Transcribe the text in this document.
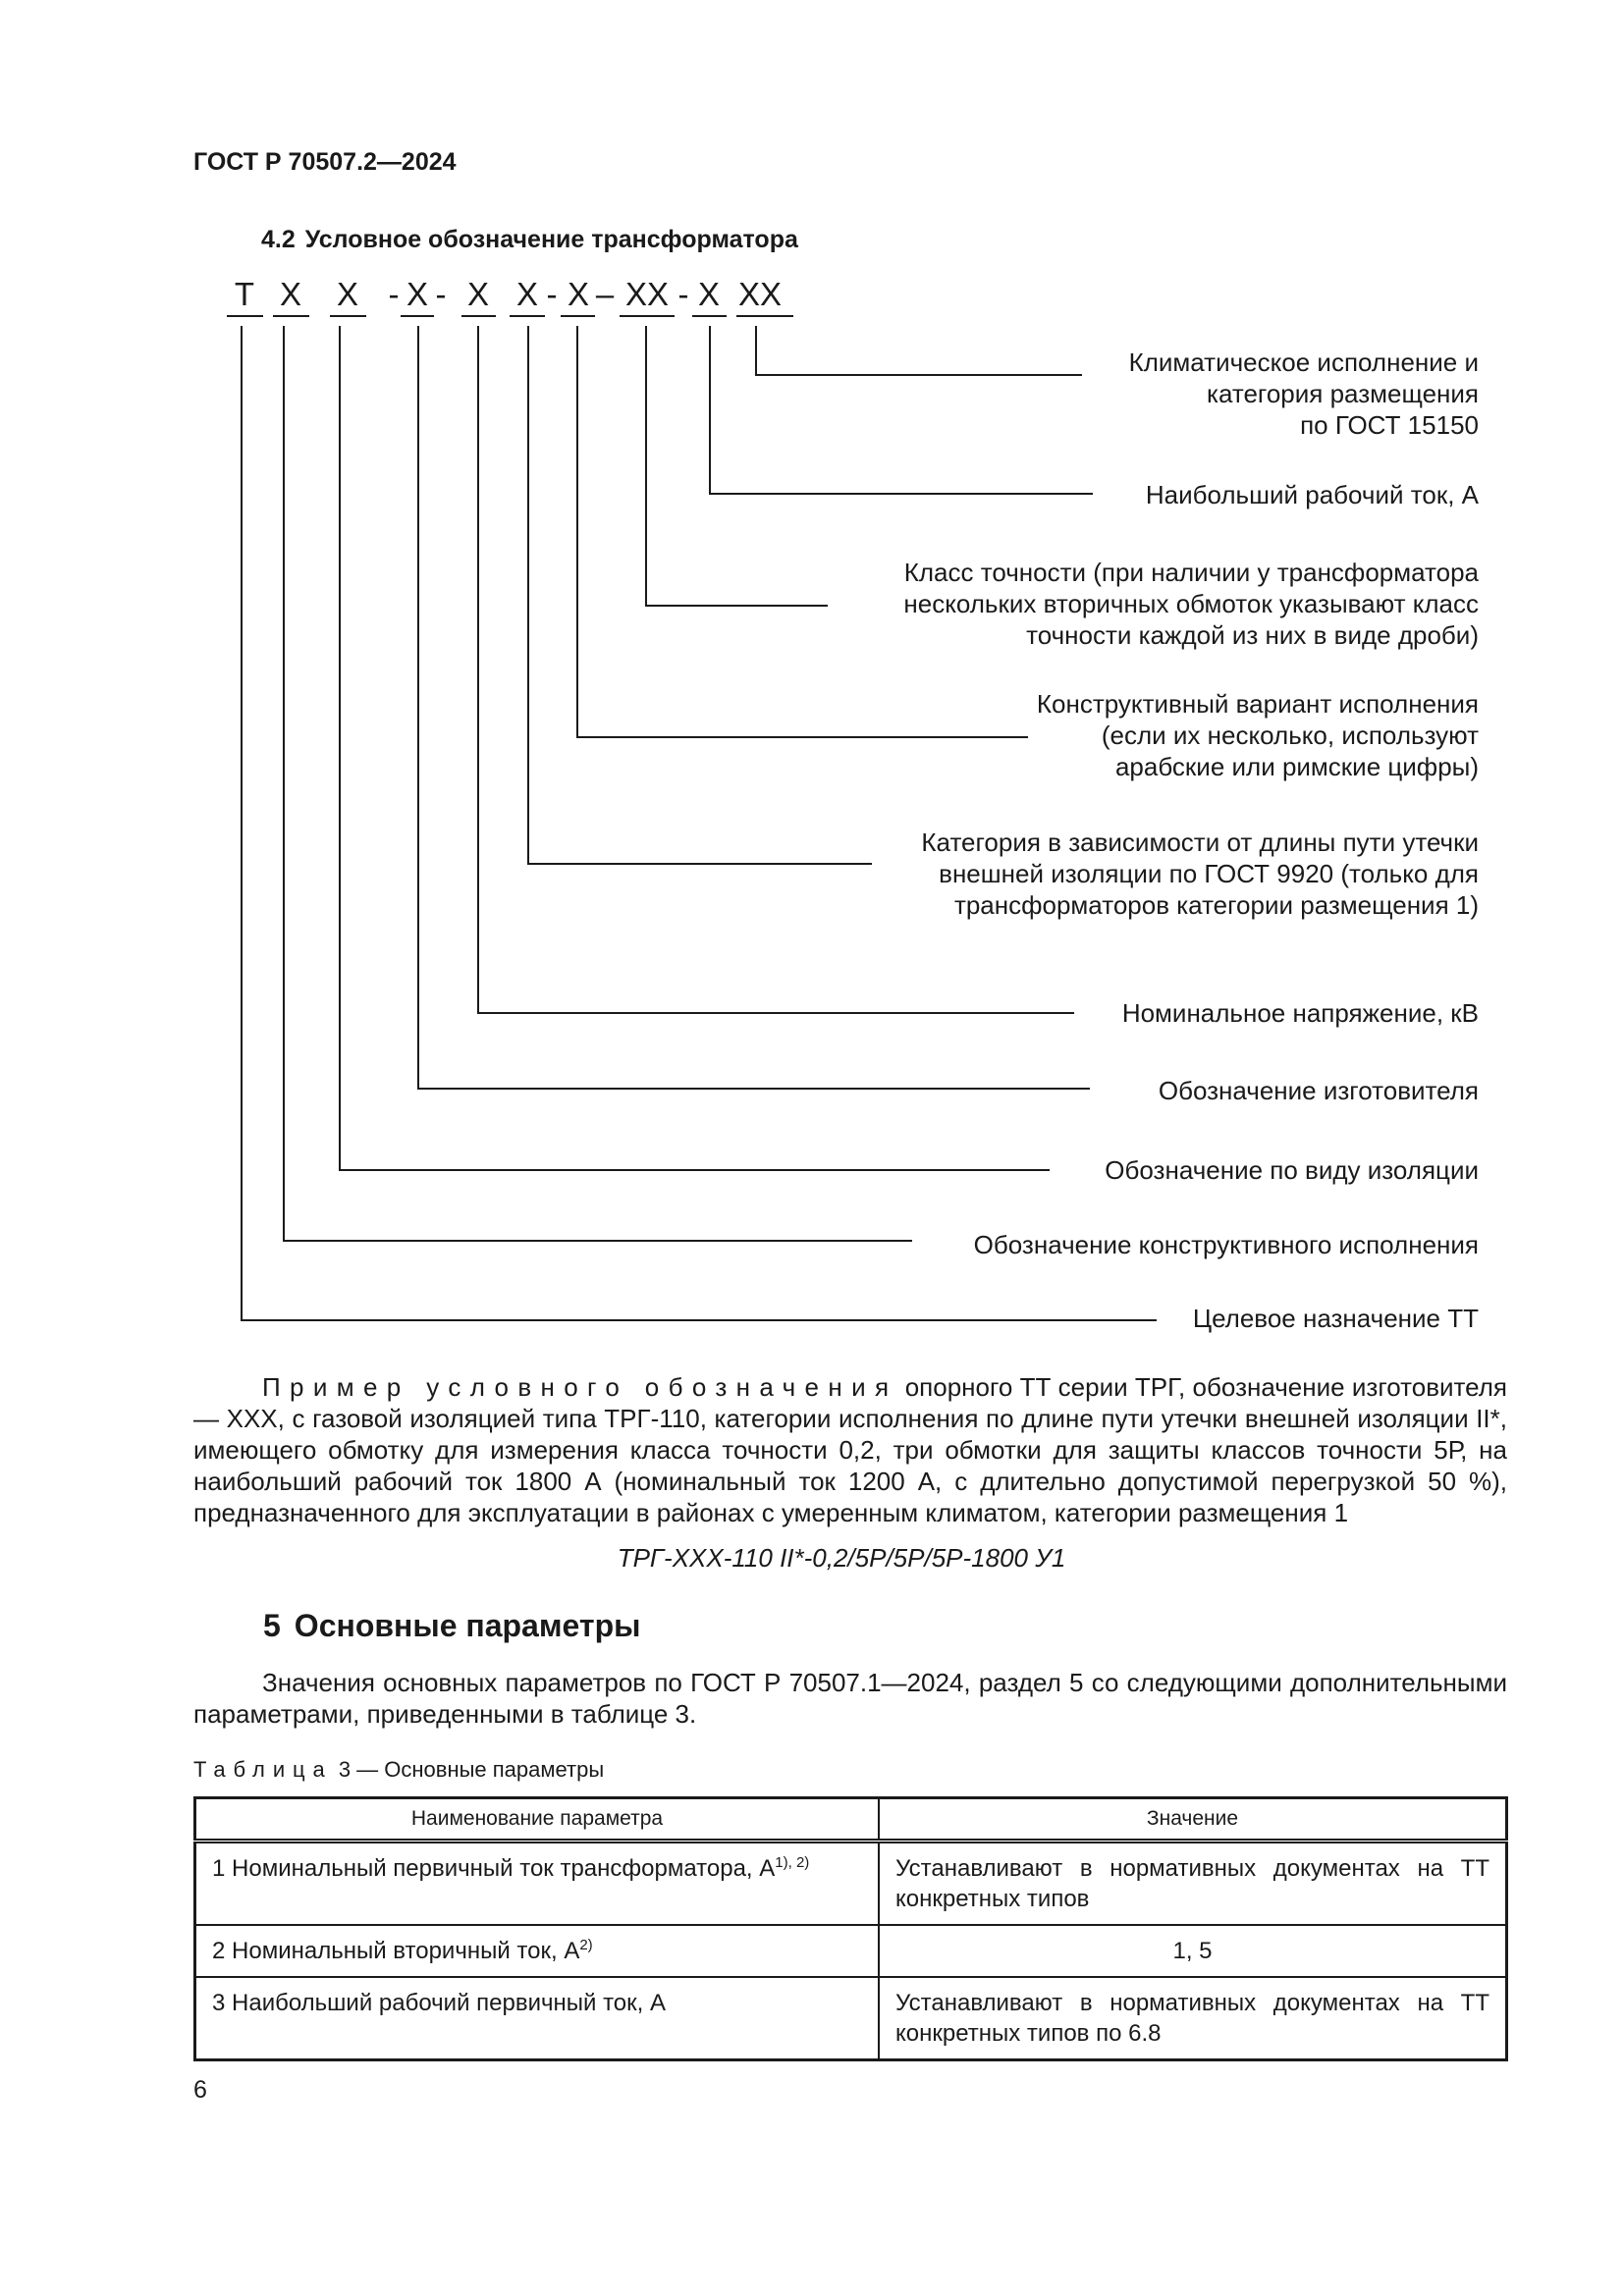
ГОСТ Р 70507.2—2024
4.2 Условное обозначение трансформатора
Т Х	Х - Х - Х Х - Х – ХХ - Х ХХ
Климатическое исполнение и
категория размещения
по ГОСТ 15150
Наибольший рабочий ток, А
Класс точности (при наличии у трансформатора
нескольких вторичных обмоток указывают класс
точности каждой из них в виде дроби)
Конструктивный вариант исполнения
(если их несколько, используют
арабские или римские цифры)
Категория в зависимости от длины пути утечки
внешней изоляции по ГОСТ 9920 (только для
трансформаторов категории размещения 1)
Номинальное напряжение, кВ
Обозначение изготовителя
Обозначение по виду изоляции
Обозначение конструктивного исполнения
Целевое назначение ТТ

Пример условного обозначения опорного ТТ серии ТРГ, обозначение изготовителя — ХХХ, с газовой изоляцией типа ТРГ-110, категории исполнения по длине пути утечки внешней изоляции II*, имеющего обмотку для измерения класса точности 0,2, три обмотки для защиты классов точности 5Р, на наибольший рабочий ток 1800 А (номинальный ток 1200 А, с длительно допустимой перегрузкой 50 %), предназначенного для эксплуатации в районах с умеренным климатом, категории размещения 1

ТРГ-ХХХ-110 II*-0,2/5Р/5Р/5Р-1800 У1
5 Основные параметры

Значения основных параметров по ГОСТ Р 70507.1—2024, раздел 5 со следующими дополнительными параметрами, приведенными в таблице 3.

Таблица 3 — Основные параметры
Наименование параметра	Значение
1 Номинальный первичный ток трансформатора, $А^{1), 2)}$	Устанавливают в нормативных документах на ТТ конкретных типов
2 Номинальный вторичный ток, $А^{2)}$	1, 5
3 Наибольший рабочий первичный ток, А	Устанавливают в нормативных документах на ТТ конкретных типов по 6.8
6
